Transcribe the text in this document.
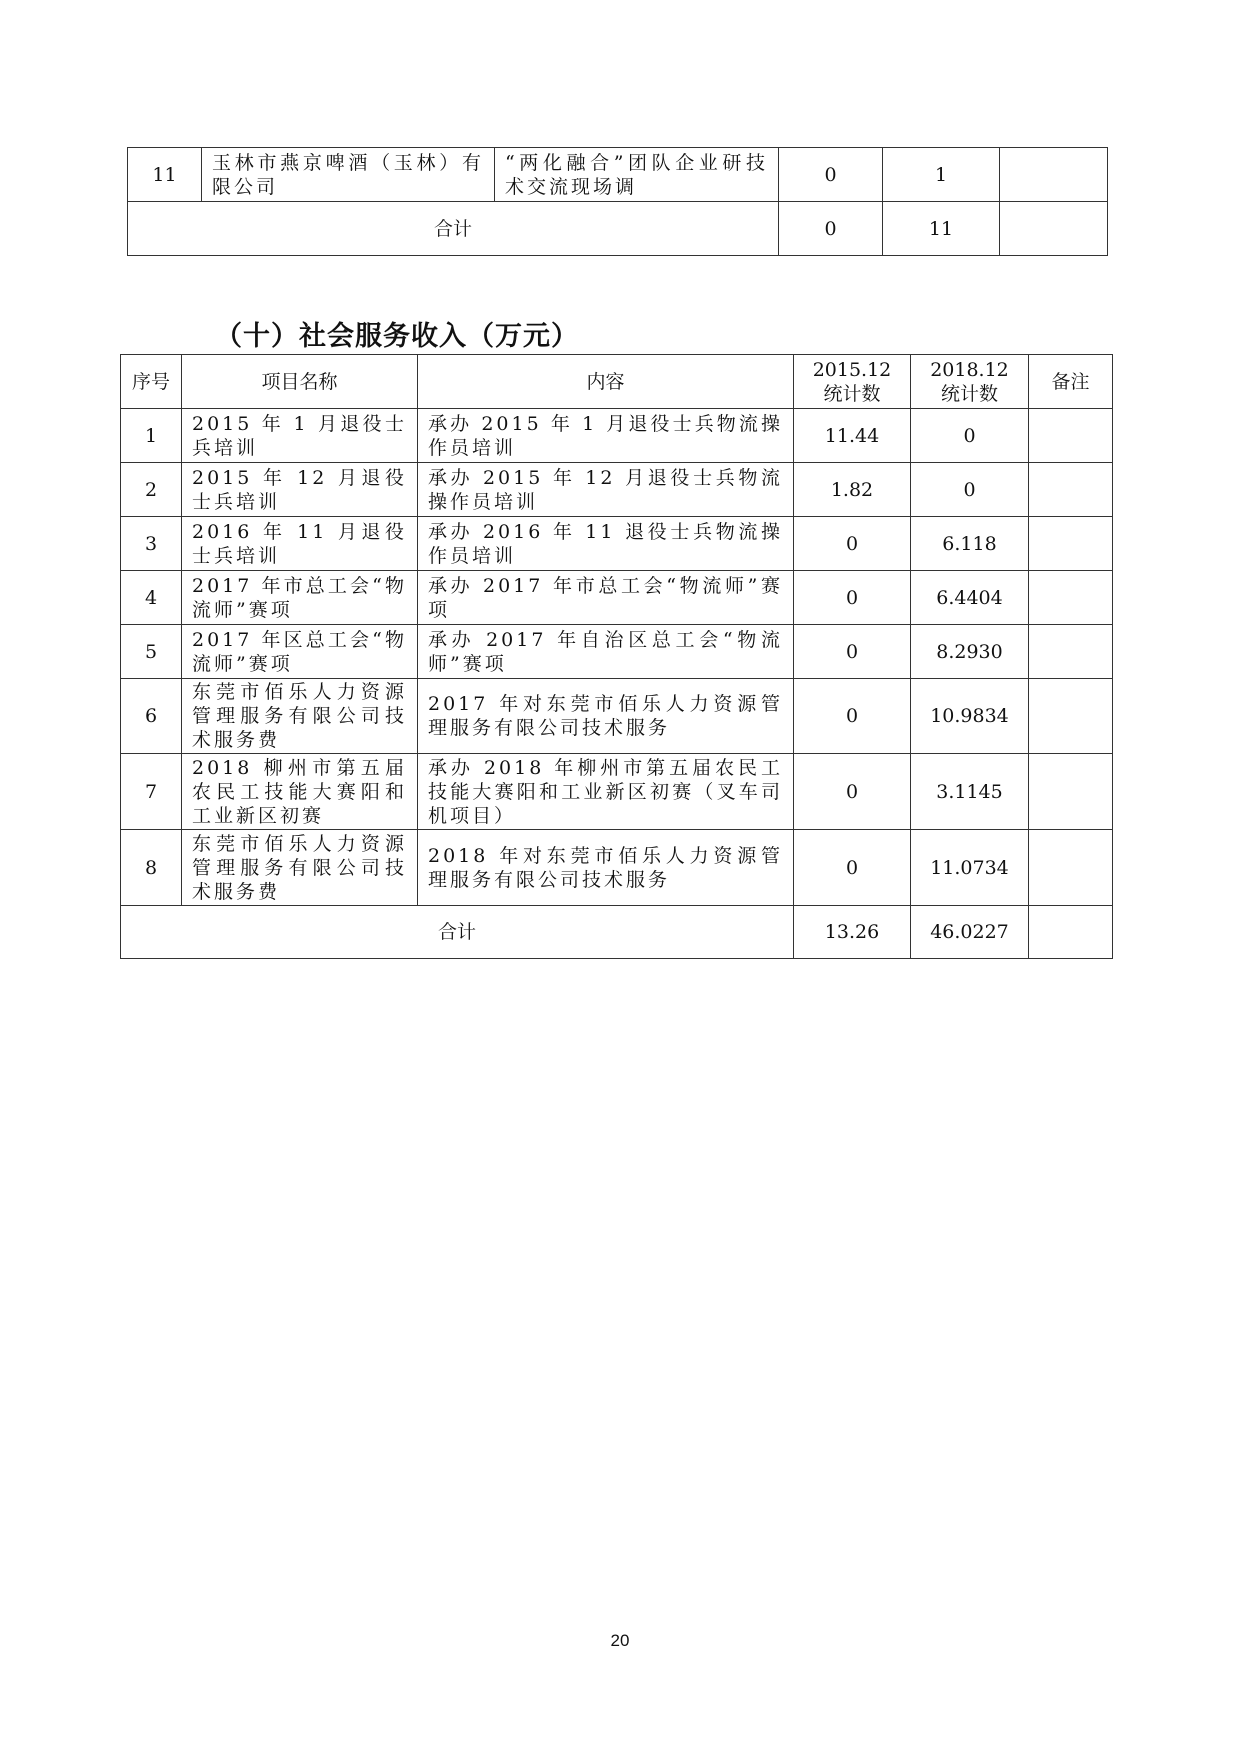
11	玉林市燕京啤酒（玉林）有限公司	“两化融合”团队企业研技术交流现场调	0	1	
合计			0	11	
（十）社会服务收入（万元）
序号	项目名称	内容	2015.12统计数	2018.12统计数	备注
1	2015 年 1 月退役士兵培训	承办 2015 年 1 月退役士兵物流操作员培训	11.44	0	
2	2015 年 12 月退役士兵培训	承办 2015 年 12 月退役士兵物流操作员培训	1.82	0	
3	2016 年 11 月退役士兵培训	承办 2016 年 11 退役士兵物流操作员培训	0	6.118	
4	2017 年市总工会“物流师”赛项	承办 2017 年市总工会“物流师”赛项	0	6.4404	
5	2017 年区总工会“物流师”赛项	承办 2017 年自治区总工会“物流师”赛项	0	8.2930	
6	东莞市佰乐人力资源管理服务有限公司技术服务费	2017 年对东莞市佰乐人力资源管理服务有限公司技术服务	0	10.9834	
7	2018 柳州市第五届农民工技能大赛阳和工业新区初赛	承办 2018 年柳州市第五届农民工技能大赛阳和工业新区初赛（叉车司机项目）	0	3.1145	
8	东莞市佰乐人力资源管理服务有限公司技术服务费	2018 年对东莞市佰乐人力资源管理服务有限公司技术服务	0	11.0734	
合计			13.26	46.0227	
20
